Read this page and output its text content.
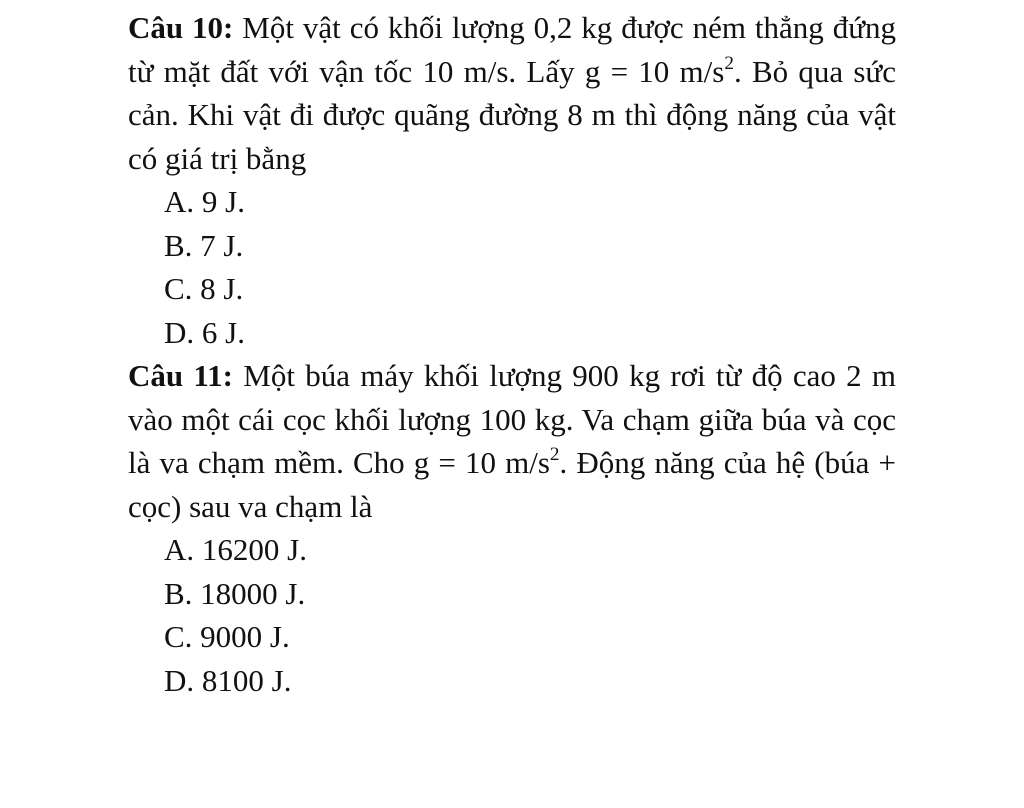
Câu 10: Một vật có khối lượng 0,2 kg được ném thẳng đứng từ mặt đất với vận tốc 10 m/s. Lấy g = 10 $m/s^2$. Bỏ qua sức cản. Khi vật đi được quãng đường 8 m thì động năng của vật có giá trị bằng

A. 9 J.
B. 7 J.
C. 8 J.
D. 6 J.

Câu 11: Một búa máy khối lượng 900 kg rơi từ độ cao 2 m vào một cái cọc khối lượng 100 kg. Va chạm giữa búa và cọc là va chạm mềm. Cho g = 10 $m/s^2$. Động năng của hệ (búa + cọc) sau va chạm là

A. 16200 J.
B. 18000 J.
C. 9000 J.
D. 8100 J.
